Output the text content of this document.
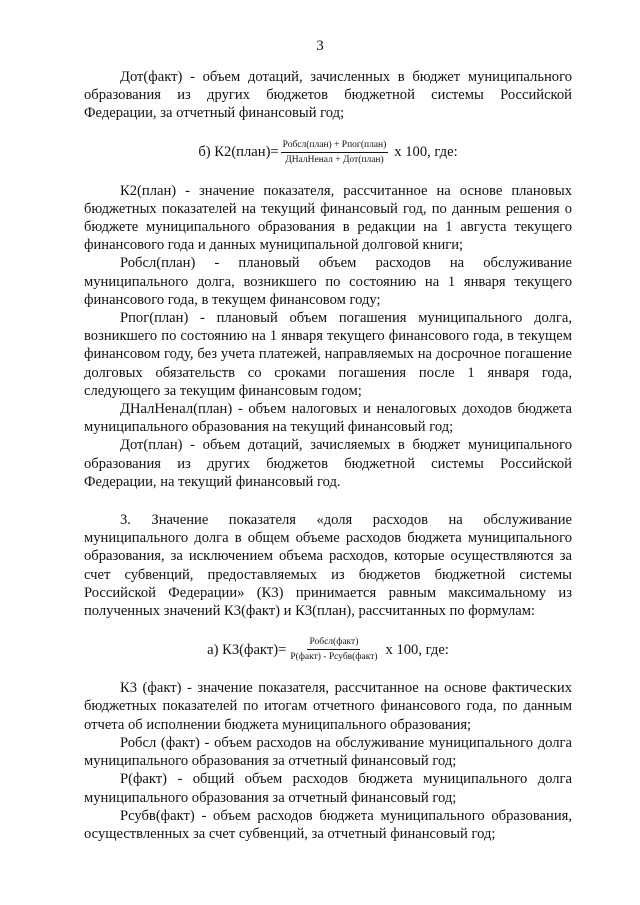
3

Дот(факт) - объем дотаций, зачисленных в бюджет муниципального образования из других бюджетов бюджетной системы Российской Федерации, за отчетный финансовый год;

б) К2(план)= $\frac{\text{Робсл(план) + Рпог(план)}}{\text{ДНалНенал + Дот(план)}}$ х 100, где:

К2(план) - значение показателя, рассчитанное на основе плановых бюджетных показателей на текущий финансовый год, по данным решения о бюджете муниципального образования в редакции на 1 августа текущего финансового года и данных муниципальной долговой книги;

Робсл(план) - плановый объем расходов на обслуживание муниципального долга, возникшего по состоянию на 1 января текущего финансового года, в текущем финансовом году;

Рпог(план) - плановый объем погашения муниципального долга, возникшего по состоянию на 1 января текущего финансового года, в текущем финансовом году, без учета платежей, направляемых на досрочное погашение долговых обязательств со сроками погашения после 1 января года, следующего за текущим финансовым годом;

ДНалНенал(план) - объем налоговых и неналоговых доходов бюджета муниципального образования на текущий финансовый год;

Дот(план) - объем дотаций, зачисляемых в бюджет муниципального образования из других бюджетов бюджетной системы Российской Федерации, на текущий финансовый год.

3. Значение показателя «доля расходов на обслуживание муниципального долга в общем объеме расходов бюджета муниципального образования, за исключением объема расходов, которые осуществляются за счет субвенций, предоставляемых из бюджетов бюджетной системы Российской Федерации» (К3) принимается равным максимальному из полученных значений К3(факт) и К3(план), рассчитанных по формулам:

а) К3(факт)= $\frac{\text{Робсл(факт)}}{\text{Р(факт) - Рсубв(факт)}}$ х 100, где:

К3 (факт) - значение показателя, рассчитанное на основе фактических бюджетных показателей по итогам отчетного финансового года, по данным отчета об исполнении бюджета муниципального образования;

Робсл (факт) - объем расходов на обслуживание муниципального долга муниципального образования за отчетный финансовый год;

Р(факт) - общий объем расходов бюджета муниципального долга муниципального образования за отчетный финансовый год;

Рсубв(факт) - объем расходов бюджета муниципального образования, осуществленных за счет субвенций, за отчетный финансовый год;
